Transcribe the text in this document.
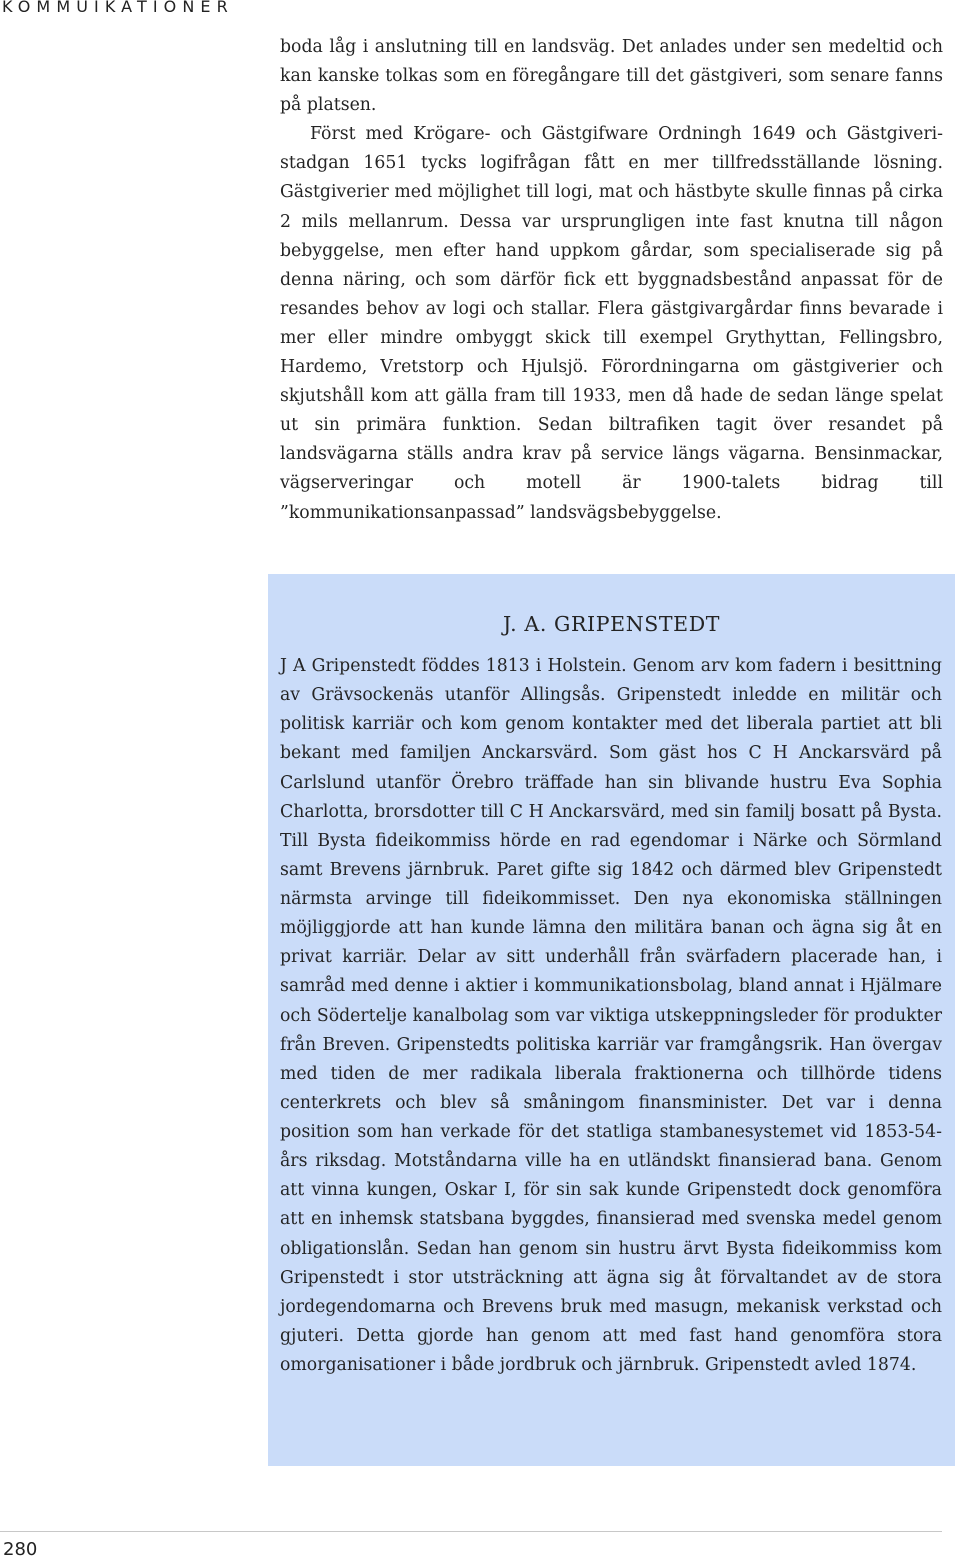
KOMMUIKATIONER

boda låg i anslutning till en landsväg. Det anlades under sen medeltid och kan kanske tolkas som en föregångare till det gästgiveri, som senare fanns på platsen.

Först med Krögare- och Gästgifware Ordningh 1649 och Gästgiveristadgan 1651 tycks logifrågan fått en mer tillfredsställande lösning. Gästgiverier med möjlighet till logi, mat och hästbyte skulle finnas på cirka 2 mils mellanrum. Dessa var ursprungligen inte fast knutna till någon bebyggelse, men efter hand uppkom gårdar, som specialiserade sig på denna näring, och som därför fick ett byggnadsbestånd anpassat för de resandes behov av logi och stallar. Flera gästgivargårdar finns bevarade i mer eller mindre ombyggt skick till exempel Grythyttan, Fellingsbro, Hardemo, Vretstorp och Hjulsjö. Förordningarna om gästgiverier och skjutshåll kom att gälla fram till 1933, men då hade de sedan länge spelat ut sin primära funktion. Sedan biltrafiken tagit över resandet på landsvägarna ställs andra krav på service längs vägarna. Bensinmackar, vägserveringar och motell är 1900-talets bidrag till ”kommunikationsanpassad” landsvägsbebyggelse.

J. A. GRIPENSTEDT

J A Gripenstedt föddes 1813 i Holstein. Genom arv kom fadern i besittning av Grävsockenäs utanför Allingsås. Gripenstedt inledde en militär och politisk karriär och kom genom kontakter med det liberala partiet att bli bekant med familjen Anckarsvärd. Som gäst hos C H Anckarsvärd på Carlslund utanför Örebro träffade han sin blivande hustru Eva Sophia Charlotta, brorsdotter till C H Anckarsvärd, med sin familj bosatt på Bysta. Till Bysta fideikommiss hörde en rad egendomar i Närke och Sörmland samt Brevens järnbruk. Paret gifte sig 1842 och därmed blev Gripenstedt närmsta arvinge till fideikommisset. Den nya ekonomiska ställningen möjliggjorde att han kunde lämna den militära banan och ägna sig åt en privat karriär. Delar av sitt underhåll från svärfadern placerade han, i samråd med denne i aktier i kommunikationsbolag, bland annat i Hjälmare och Södertelje kanalbolag som var viktiga utskeppningsleder för produkter från Breven. Gripenstedts politiska karriär var framgångsrik. Han övergav med tiden de mer radikala liberala fraktionerna och tillhörde tidens centerkrets och blev så småningom finansminister. Det var i denna position som han verkade för det statliga stambanesystemet vid 1853-54-års riksdag. Motståndarna ville ha en utländskt finansierad bana. Genom att vinna kungen, Oskar I, för sin sak kunde Gripenstedt dock genomföra att en inhemsk statsbana byggdes, finansierad med svenska medel genom obligationslån. Sedan han genom sin hustru ärvt Bysta fideikommiss kom Gripenstedt i stor utsträckning att ägna sig åt förvaltandet av de stora jordegendomarna och Brevens bruk med masugn, mekanisk verkstad och gjuteri. Detta gjorde han genom att med fast hand genomföra stora omorganisationer i både jordbruk och järnbruk. Gripenstedt avled 1874.

280
